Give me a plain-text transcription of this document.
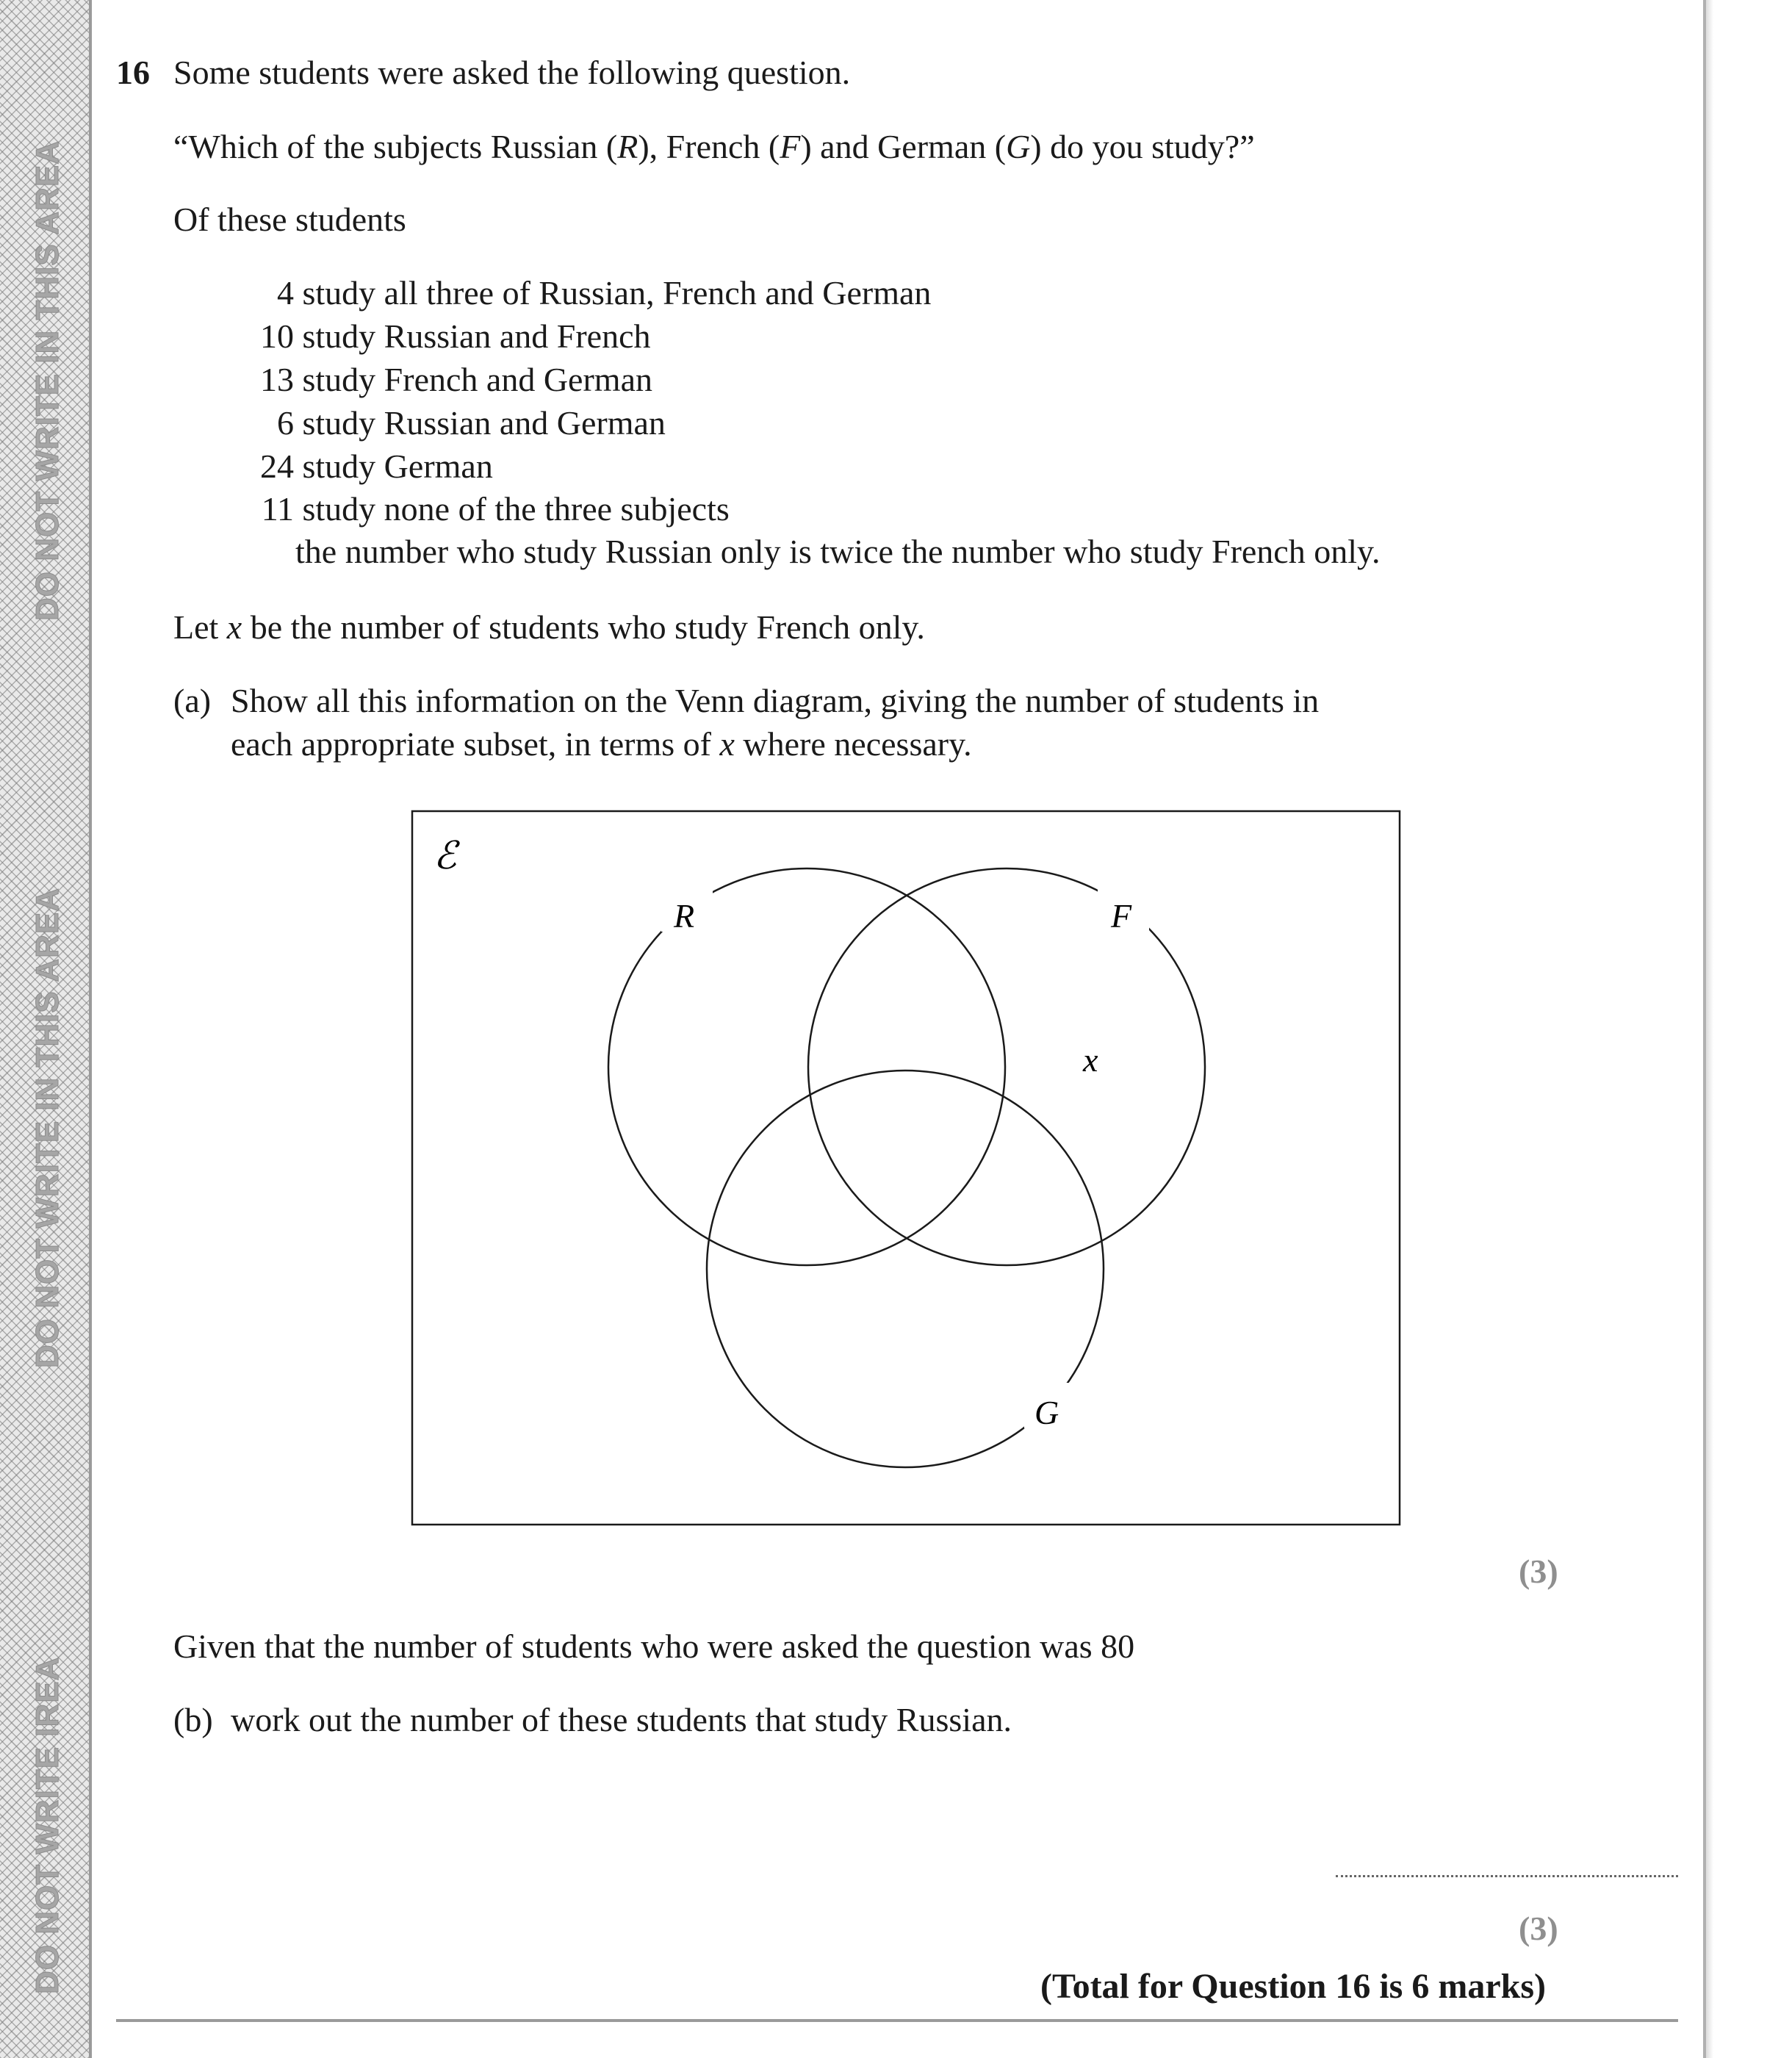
DO NOT WRITE IN THIS AREA
DO NOT WRITE IN THIS AREA
DO NOT WRITE IREA
16 Some students were asked the following question.
“Which of the subjects Russian (R), French (F) and German (G) do you study?”
Of these students
4 study all three of Russian, French and German
10 study Russian and French
13 study French and German
6 study Russian and German
24 study German
11 study none of the three subjects
the number who study Russian only is twice the number who study French only.
Let x be the number of students who study French only.
(a) Show all this information on the Venn diagram, giving the number of students in
each appropriate subset, in terms of x where necessary.
ℰ
R	F
G
x
(3)
Given that the number of students who were asked the question was 80
(b) work out the number of these students that study Russian.
(3)
(Total for Question 16 is 6 marks)
